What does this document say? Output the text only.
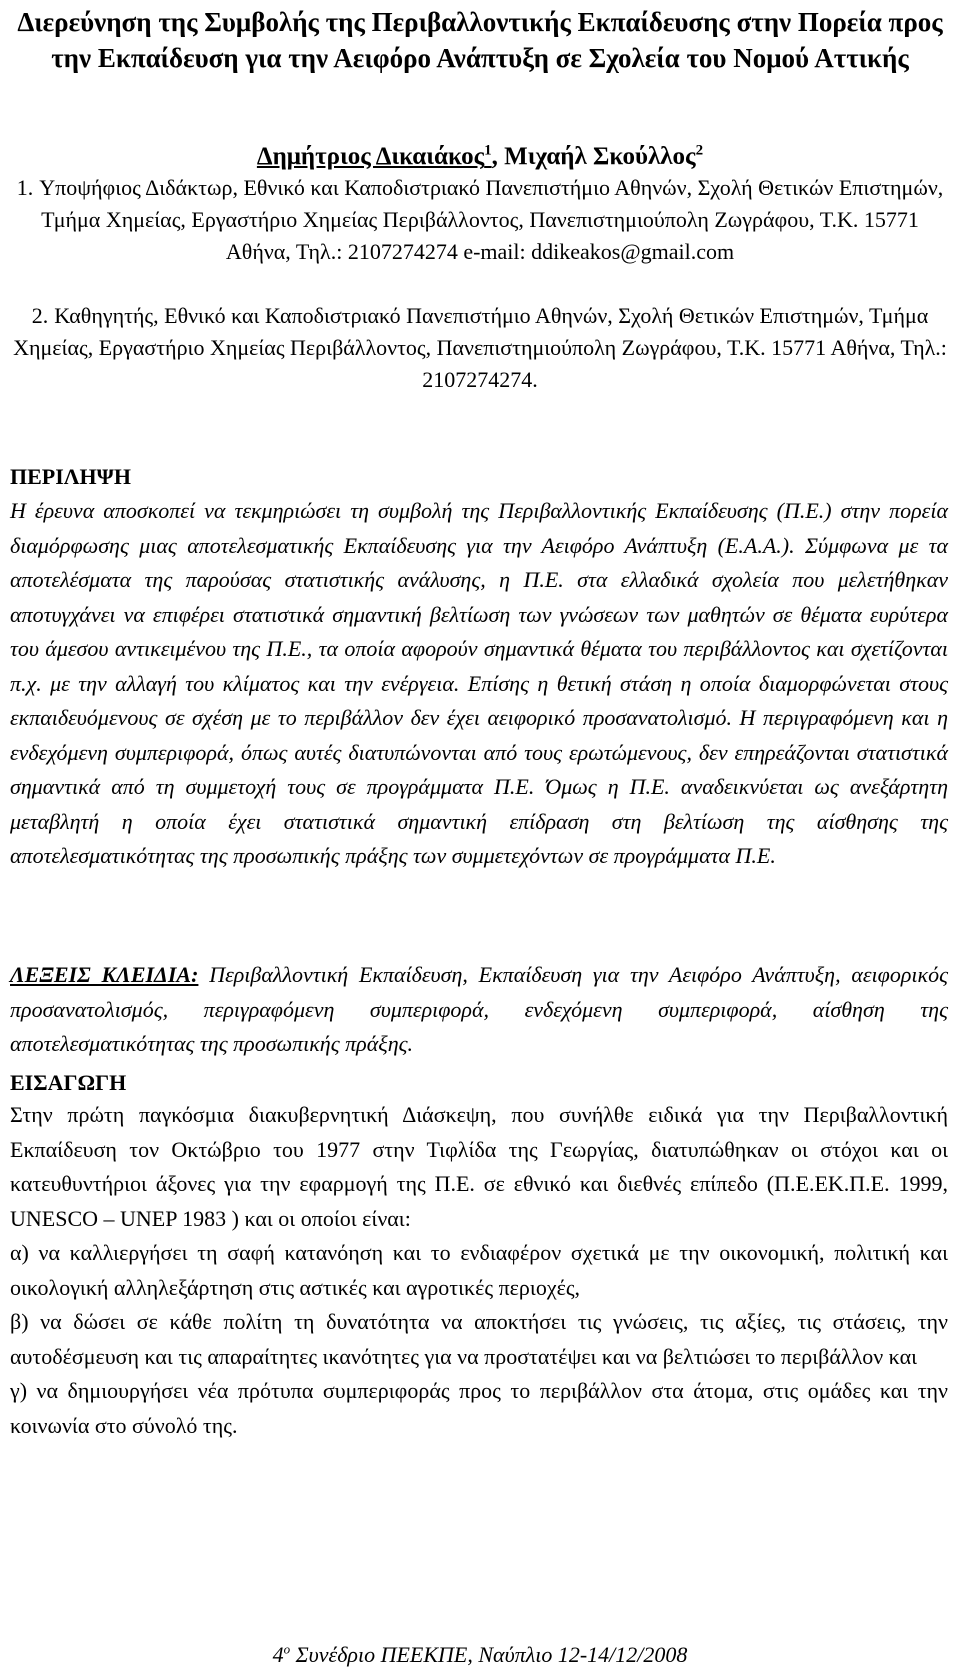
Διερεύνηση της Συμβολής της Περιβαλλοντικής Εκπαίδευσης στην Πορεία προς την Εκπαίδευση για την Αειφόρο Ανάπτυξη σε Σχολεία του Νομού Αττικής
Δημήτριος Δικαιάκος$^1$, Μιχαήλ Σκούλλος$^2$
1. Υποψήφιος Διδάκτωρ, Εθνικό και Καποδιστριακό Πανεπιστήμιο Αθηνών, Σχολή Θετικών Επιστημών, Τμήμα Χημείας, Εργαστήριο Χημείας Περιβάλλοντος, Πανεπιστημιούπολη Ζωγράφου, Τ.Κ. 15771 Αθήνα, Τηλ.: 2107274274 e-mail: ddikeakos@gmail.com
2. Καθηγητής, Εθνικό και Καποδιστριακό Πανεπιστήμιο Αθηνών, Σχολή Θετικών Επιστημών, Τμήμα Χημείας, Εργαστήριο Χημείας Περιβάλλοντος, Πανεπιστημιούπολη Ζωγράφου, Τ.Κ. 15771 Αθήνα, Τηλ.: 2107274274.
ΠΕΡΙΛΗΨΗ
Η έρευνα αποσκοπεί να τεκμηριώσει τη συμβολή της Περιβαλλοντικής Εκπαίδευσης (Π.Ε.) στην πορεία διαμόρφωσης μιας αποτελεσματικής Εκπαίδευσης για την Αειφόρο Ανάπτυξη (Ε.Α.Α.). Σύμφωνα με τα αποτελέσματα της παρούσας στατιστικής ανάλυσης, η Π.Ε. στα ελλαδικά σχολεία που μελετήθηκαν αποτυγχάνει να επιφέρει στατιστικά σημαντική βελτίωση των γνώσεων των μαθητών σε θέματα ευρύτερα του άμεσου αντικειμένου της Π.Ε., τα οποία αφορούν σημαντικά θέματα του περιβάλλοντος και σχετίζονται π.χ. με την αλλαγή του κλίματος και την ενέργεια. Επίσης η θετική στάση η οποία διαμορφώνεται στους εκπαιδευόμενους σε σχέση με το περιβάλλον δεν έχει αειφορικό προσανατολισμό. Η περιγραφόμενη και η ενδεχόμενη συμπεριφορά, όπως αυτές διατυπώνονται από τους ερωτώμενους, δεν επηρεάζονται στατιστικά σημαντικά από τη συμμετοχή τους σε προγράμματα Π.Ε. Όμως η Π.Ε. αναδεικνύεται ως ανεξάρτητη μεταβλητή η οποία έχει στατιστικά σημαντική επίδραση στη βελτίωση της αίσθησης της αποτελεσματικότητας της προσωπικής πράξης των συμμετεχόντων σε προγράμματα Π.Ε.
ΛΕΞΕΙΣ ΚΛΕΙΔΙΑ: Περιβαλλοντική Εκπαίδευση, Εκπαίδευση για την Αειφόρο Ανάπτυξη, αειφορικός προσανατολισμός, περιγραφόμενη συμπεριφορά, ενδεχόμενη συμπεριφορά, αίσθηση της αποτελεσματικότητας της προσωπικής πράξης.
ΕΙΣΑΓΩΓΗ

Στην πρώτη παγκόσμια διακυβερνητική Διάσκεψη, που συνήλθε ειδικά για την Περιβαλλοντική Εκπαίδευση τον Οκτώβριο του 1977 στην Τιφλίδα της Γεωργίας, διατυπώθηκαν οι στόχοι και οι κατευθυντήριοι άξονες για την εφαρμογή της Π.Ε. σε εθνικό και διεθνές επίπεδο (Π.Ε.ΕΚ.Π.Ε. 1999, UNESCO – UNEP 1983 ) και οι οποίοι είναι:

α) να καλλιεργήσει τη σαφή κατανόηση και το ενδιαφέρον σχετικά με την οικονομική, πολιτική και οικολογική αλληλεξάρτηση στις αστικές και αγροτικές περιοχές,

β) να δώσει σε κάθε πολίτη τη δυνατότητα να αποκτήσει τις γνώσεις, τις αξίες, τις στάσεις, την αυτοδέσμευση και τις απαραίτητες ικανότητες για να προστατέψει και να βελτιώσει το περιβάλλον και

γ) να δημιουργήσει νέα πρότυπα συμπεριφοράς προς το περιβάλλον στα άτομα, στις ομάδες και την κοινωνία στο σύνολό της.

$4^o$ Συνέδριο ΠΕΕΚΠΕ, Ναύπλιο 12-14/12/2008
